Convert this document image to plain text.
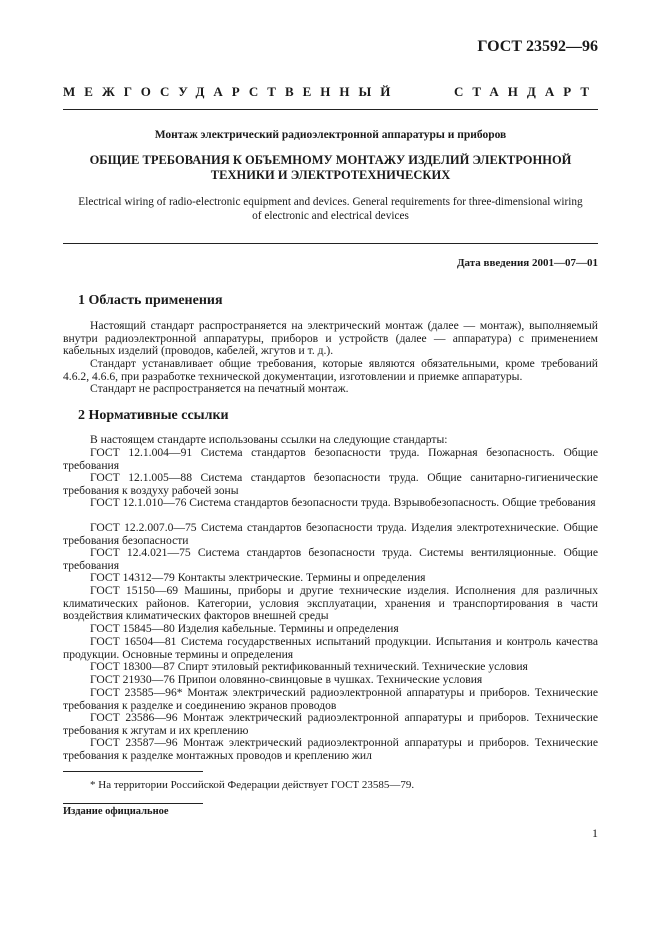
ГОСТ 23592—96
МЕЖГОСУДАРСТВЕННЫЙ СТАНДАРТ
Монтаж электрический радиоэлектронной аппаратуры и приборов
ОБЩИЕ ТРЕБОВАНИЯ К ОБЪЕМНОМУ МОНТАЖУ ИЗДЕЛИЙ ЭЛЕКТРОННОЙ
ТЕХНИКИ И ЭЛЕКТРОТЕХНИЧЕСКИХ
Electrical wiring of radio-electronic equipment and devices. General requirements for three-dimensional wiring
of electronic and electrical devices
Дата введения 2001—07—01
1 Область применения
Настоящий стандарт распространяется на электрический монтаж (далее — монтаж), выполняемый внутри радиоэлектронной аппаратуры, приборов и устройств (далее — аппаратура) с применением кабельных изделий (проводов, кабелей, жгутов и т. д.).
Стандарт устанавливает общие требования, которые являются обязательными, кроме требований 4.6.2, 4.6.6, при разработке технической документации, изготовлении и приемке аппаратуры.
Стандарт не распространяется на печатный монтаж.
2 Нормативные ссылки
В настоящем стандарте использованы ссылки на следующие стандарты:
ГОСТ 12.1.004—91 Система стандартов безопасности труда. Пожарная безопасность. Общие требования
ГОСТ 12.1.005—88 Система стандартов безопасности труда. Общие санитарно-гигиенические требования к воздуху рабочей зоны
ГОСТ 12.1.010—76 Система стандартов безопасности труда. Взрывобезопасность. Общие требования
ГОСТ 12.2.007.0—75 Система стандартов безопасности труда. Изделия электротехнические. Общие требования безопасности
ГОСТ 12.4.021—75 Система стандартов безопасности труда. Системы вентиляционные. Общие требования
ГОСТ 14312—79 Контакты электрические. Термины и определения
ГОСТ 15150—69 Машины, приборы и другие технические изделия. Исполнения для различных климатических районов. Категории, условия эксплуатации, хранения и транспортирования в части воздействия климатических факторов внешней среды
ГОСТ 15845—80 Изделия кабельные. Термины и определения
ГОСТ 16504—81 Система государственных испытаний продукции. Испытания и контроль качества продукции. Основные термины и определения
ГОСТ 18300—87 Спирт этиловый ректификованный технический. Технические условия
ГОСТ 21930—76 Припои оловянно-свинцовые в чушках. Технические условия
ГОСТ 23585—96* Монтаж электрический радиоэлектронной аппаратуры и приборов. Технические требования к разделке и соединению экранов проводов
ГОСТ 23586—96 Монтаж электрический радиоэлектронной аппаратуры и приборов. Технические требования к жгутам и их креплению
ГОСТ 23587—96 Монтаж электрический радиоэлектронной аппаратуры и приборов. Технические требования к разделке монтажных проводов и креплению жил
* На территории Российской Федерации действует ГОСТ 23585—79.
Издание официальное
1
